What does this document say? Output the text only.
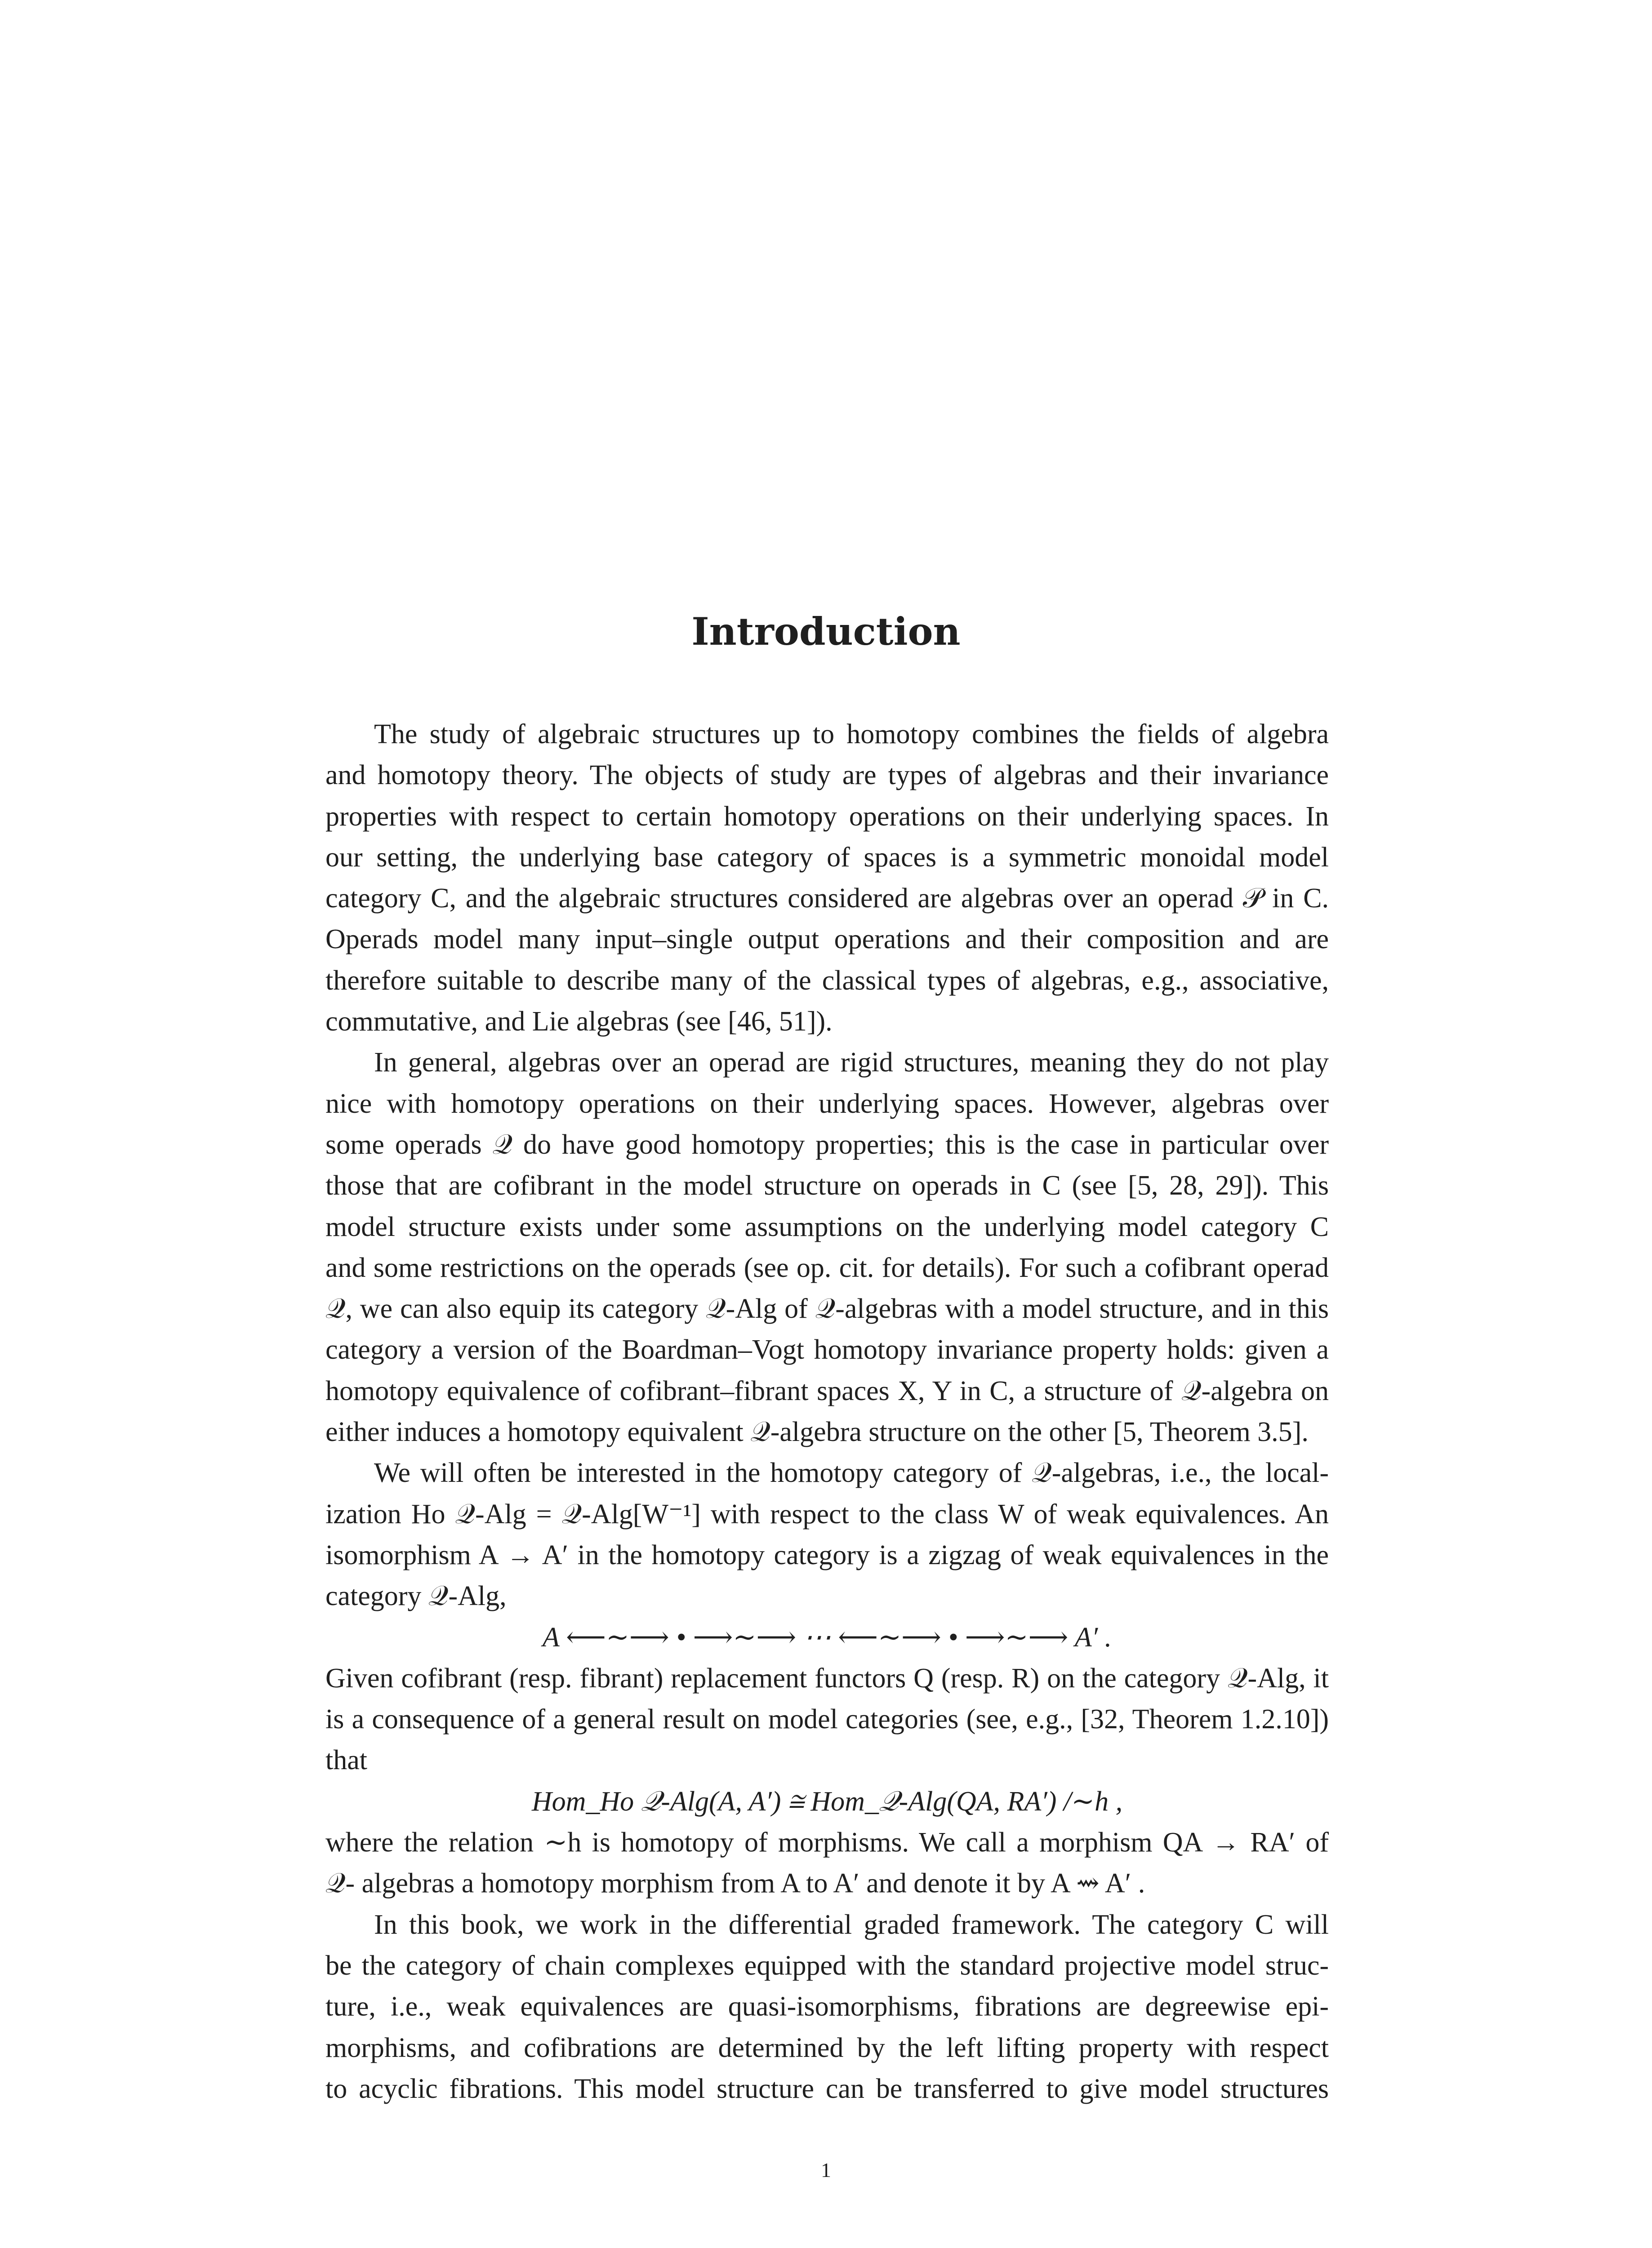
Introduction

The study of algebraic structures up to homotopy combines the fields of algebra
and homotopy theory. The objects of study are types of algebras and their invariance
properties with respect to certain homotopy operations on their underlying spaces. In
our setting, the underlying base category of spaces is a symmetric monoidal model
category C, and the algebraic structures considered are algebras over an operad 𝒫 in C.
Operads model many input–single output operations and their composition and are
therefore suitable to describe many of the classical types of algebras, e.g., associative,
commutative, and Lie algebras (see [46, 51]).

In general, algebras over an operad are rigid structures, meaning they do not play
nice with homotopy operations on their underlying spaces. However, algebras over
some operads 𝒬 do have good homotopy properties; this is the case in particular over
those that are cofibrant in the model structure on operads in C (see [5, 28, 29]). This
model structure exists under some assumptions on the underlying model category C
and some restrictions on the operads (see op. cit. for details). For such a cofibrant operad
𝒬, we can also equip its category 𝒬-Alg of 𝒬-algebras with a model structure, and in this
category a version of the Boardman–Vogt homotopy invariance property holds: given a
homotopy equivalence of cofibrant–fibrant spaces X, Y in C, a structure of 𝒬-algebra on
either induces a homotopy equivalent 𝒬-algebra structure on the other [5, Theorem 3.5].

We will often be interested in the homotopy category of 𝒬-algebras, i.e., the local-
ization Ho 𝒬-Alg = 𝒬-Alg[W⁻¹] with respect to the class W of weak equivalences. An
isomorphism A → A′ in the homotopy category is a zigzag of weak equivalences in the
category 𝒬-Alg,

A ⟵∼⟶ • ⟶∼⟶ ⋯ ⟵∼⟶ • ⟶∼⟶ A′ .

Given cofibrant (resp. fibrant) replacement functors Q (resp. R) on the category 𝒬-Alg, it
is a consequence of a general result on model categories (see, e.g., [32, Theorem 1.2.10])
that

Hom_Ho 𝒬-Alg(A, A′) ≅ Hom_𝒬-Alg(QA, RA′) /∼h ,

where the relation ∼h is homotopy of morphisms. We call a morphism QA → RA′ of
𝒬- algebras a homotopy morphism from A to A′ and denote it by A ⇝ A′ .

In this book, we work in the differential graded framework. The category C will
be the category of chain complexes equipped with the standard projective model struc-
ture, i.e., weak equivalences are quasi-isomorphisms, fibrations are degreewise epi-
morphisms, and cofibrations are determined by the left lifting property with respect
to acyclic fibrations. This model structure can be transferred to give model structures

1
